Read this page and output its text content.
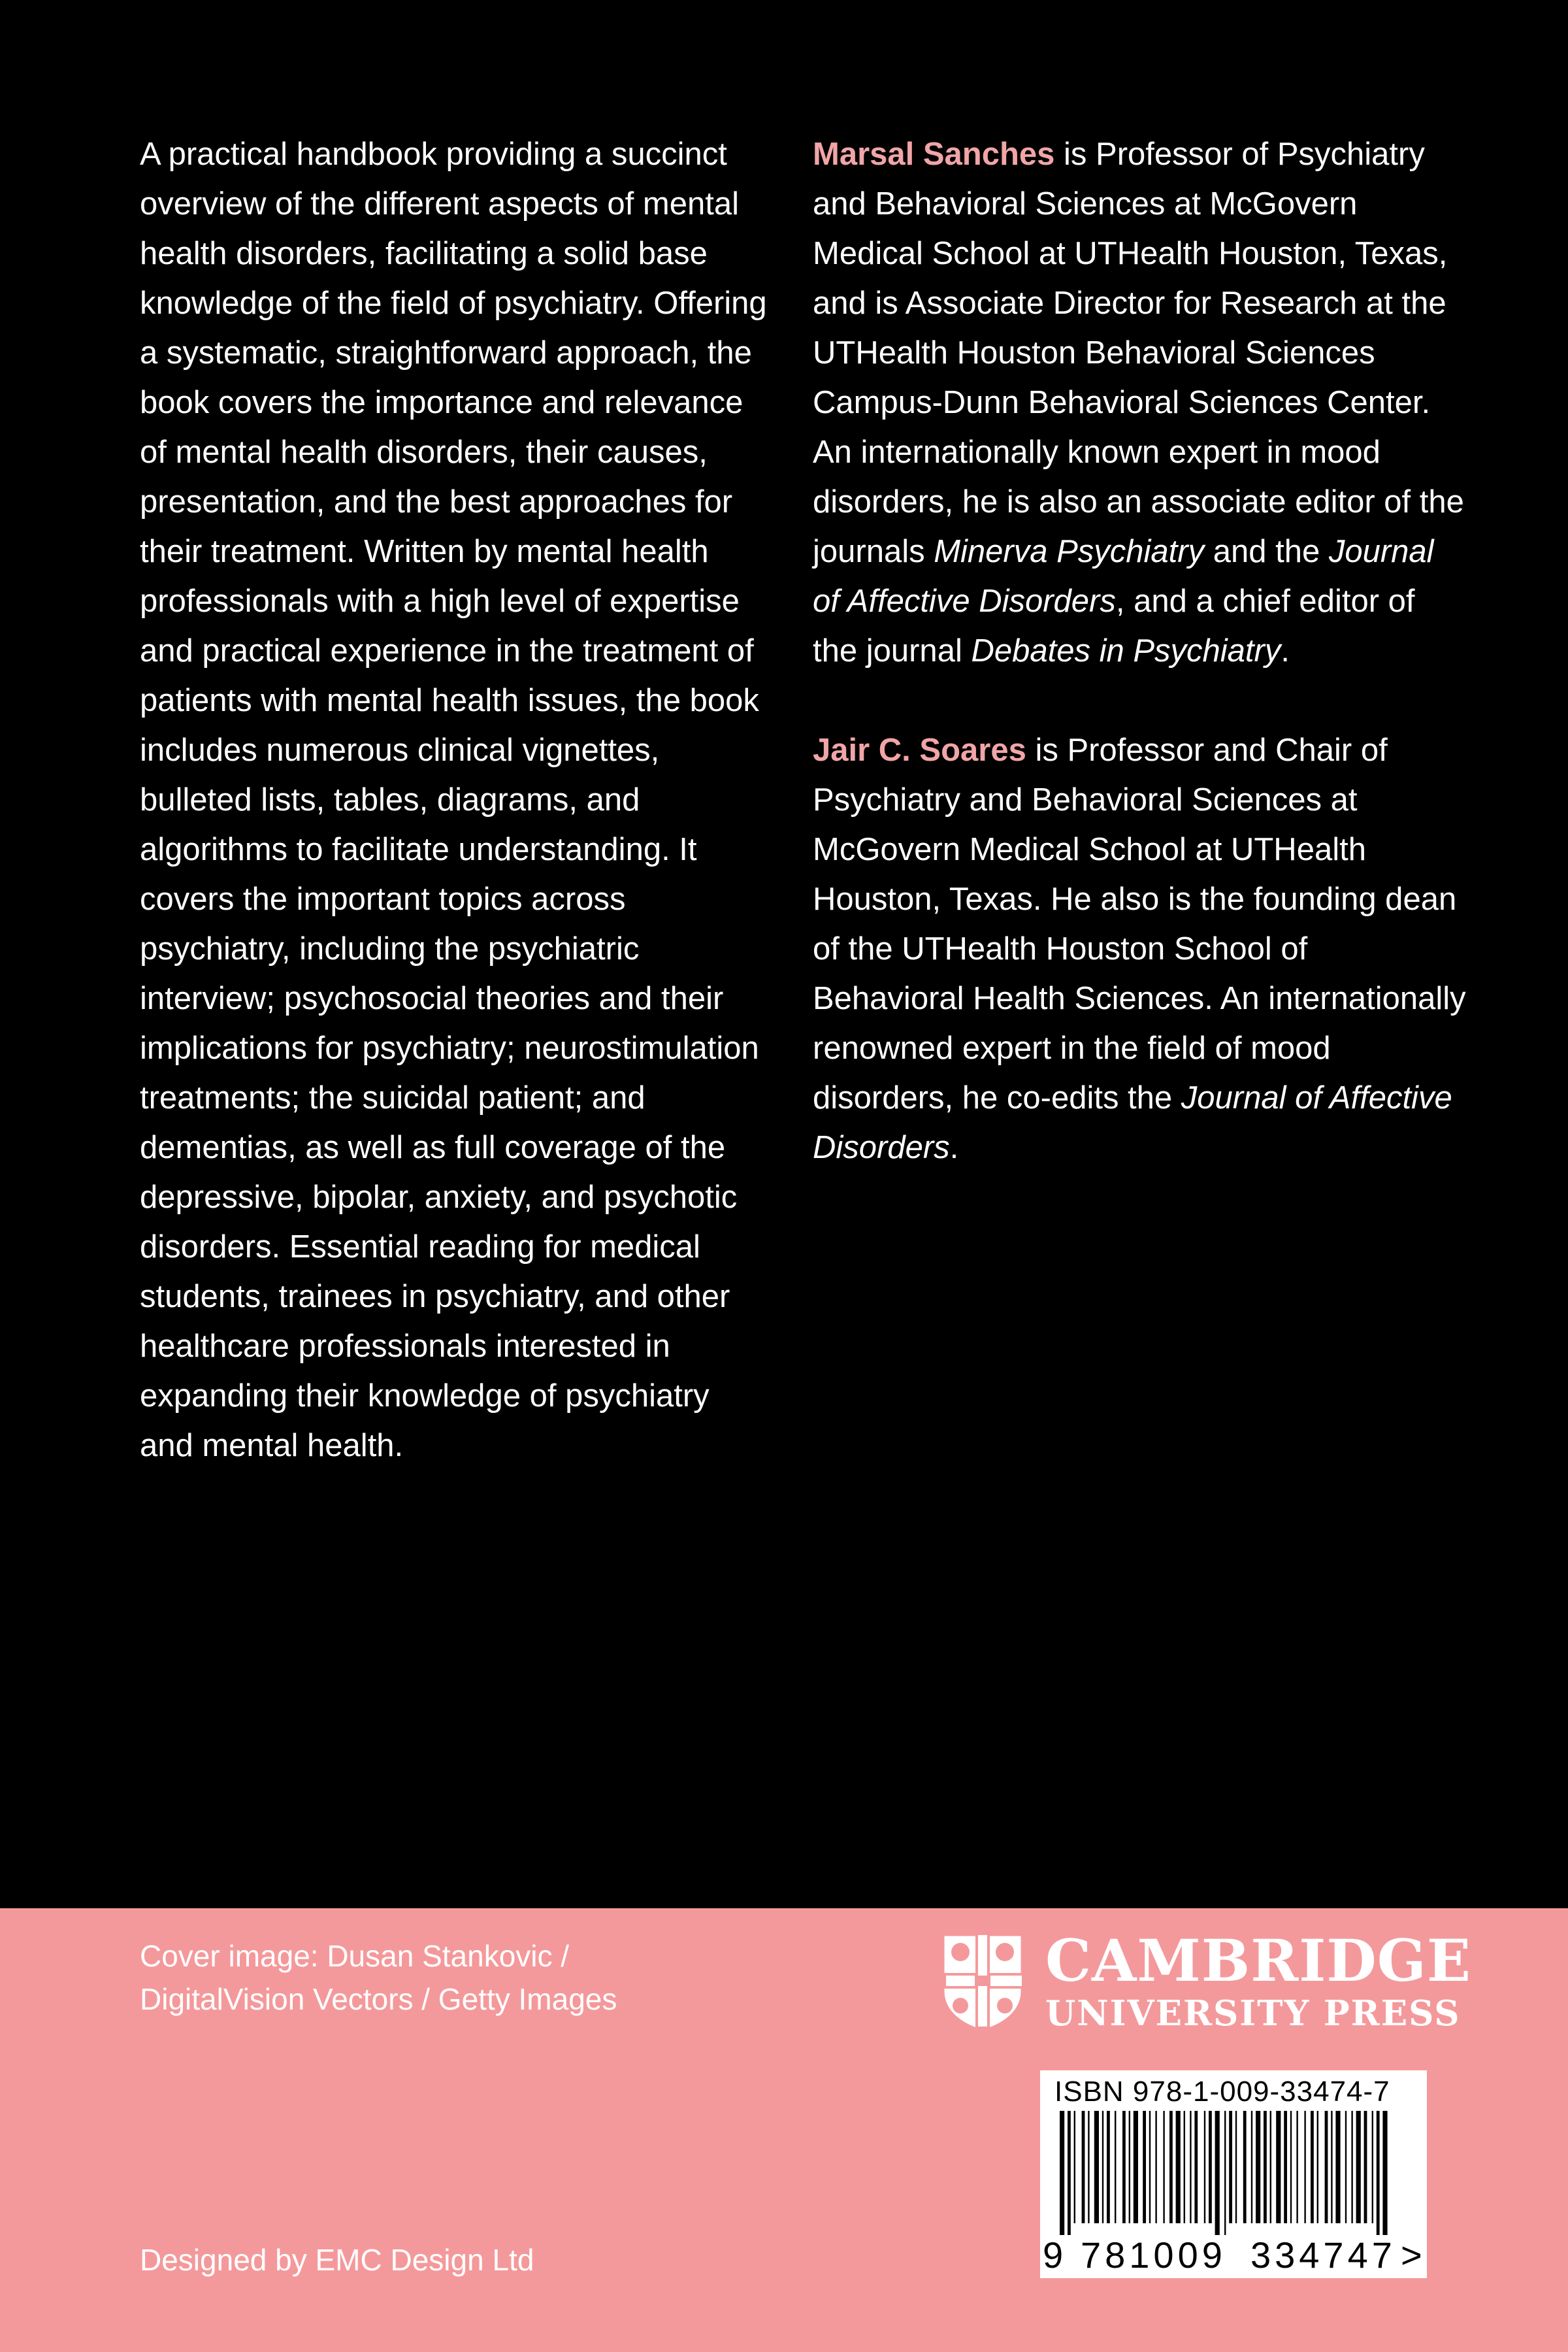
A practical handbook providing a succinct overview of the different aspects of mental health disorders, facilitating a solid base knowledge of the field of psychiatry. Offering a systematic, straightforward approach, the book covers the importance and relevance of mental health disorders, their causes, presentation, and the best approaches for their treatment. Written by mental health professionals with a high level of expertise and practical experience in the treatment of patients with mental health issues, the book includes numerous clinical vignettes, bulleted lists, tables, diagrams, and algorithms to facilitate understanding. It covers the important topics across psychiatry, including the psychiatric interview; psychosocial theories and their implications for psychiatry; neurostimulation treatments; the suicidal patient; and dementias, as well as full coverage of the depressive, bipolar, anxiety, and psychotic disorders. Essential reading for medical students, trainees in psychiatry, and other healthcare professionals interested in expanding their knowledge of psychiatry and mental health.

Marsal Sanches is Professor of Psychiatry and Behavioral Sciences at McGovern Medical School at UTHealth Houston, Texas, and is Associate Director for Research at the UTHealth Houston Behavioral Sciences Campus-Dunn Behavioral Sciences Center. An internationally known expert in mood disorders, he is also an associate editor of the journals Minerva Psychiatry and the Journal of Affective Disorders, and a chief editor of the journal Debates in Psychiatry.

Jair C. Soares is Professor and Chair of Psychiatry and Behavioral Sciences at McGovern Medical School at UTHealth Houston, Texas. He also is the founding dean of the UTHealth Houston School of Behavioral Health Sciences. An internationally renowned expert in the field of mood disorders, he co-edits the Journal of Affective Disorders.

Cover image: Dusan Stankovic / DigitalVision Vectors / Getty Images
Designed by EMC Design Ltd
CAMBRIDGE
UNIVERSITY PRESS
ISBN 978-1-009-33474-7
9 781009 334747 >
